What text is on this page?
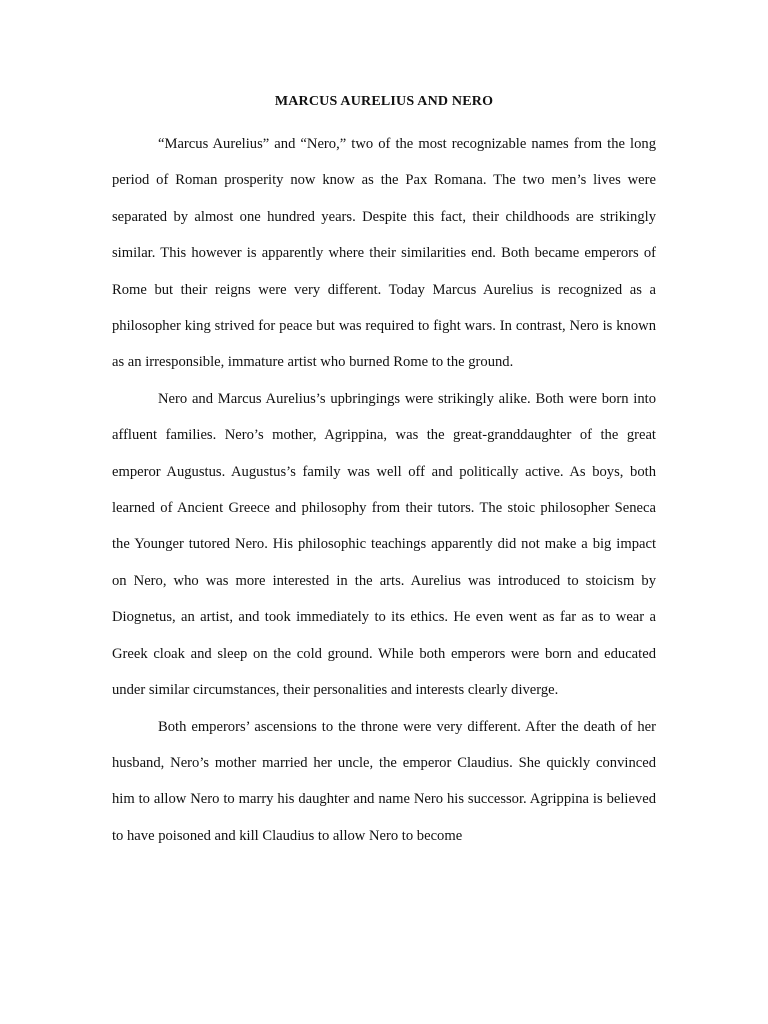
MARCUS AURELIUS AND NERO

“Marcus Aurelius” and “Nero,” two of the most recognizable names from the long period of Roman prosperity now know as the Pax Romana. The two men’s lives were separated by almost one hundred years. Despite this fact, their childhoods are strikingly similar. This however is apparently where their similarities end. Both became emperors of Rome but their reigns were very different. Today Marcus Aurelius is recognized as a philosopher king strived for peace but was required to fight wars. In contrast, Nero is known as an irresponsible, immature artist who burned Rome to the ground.

Nero and Marcus Aurelius’s upbringings were strikingly alike. Both were born into affluent families. Nero’s mother, Agrippina, was the great-granddaughter of the great emperor Augustus. Augustus’s family was well off and politically active. As boys, both learned of Ancient Greece and philosophy from their tutors. The stoic philosopher Seneca the Younger tutored Nero. His philosophic teachings apparently did not make a big impact on Nero, who was more interested in the arts. Aurelius was introduced to stoicism by Diognetus, an artist, and took immediately to its ethics. He even went as far as to wear a Greek cloak and sleep on the cold ground. While both emperors were born and educated under similar circumstances, their personalities and interests clearly diverge.

Both emperors’ ascensions to the throne were very different. After the death of her husband, Nero’s mother married her uncle, the emperor Claudius. She quickly convinced him to allow Nero to marry his daughter and name Nero his successor. Agrippina is believed to have poisoned and kill Claudius to allow Nero to become
